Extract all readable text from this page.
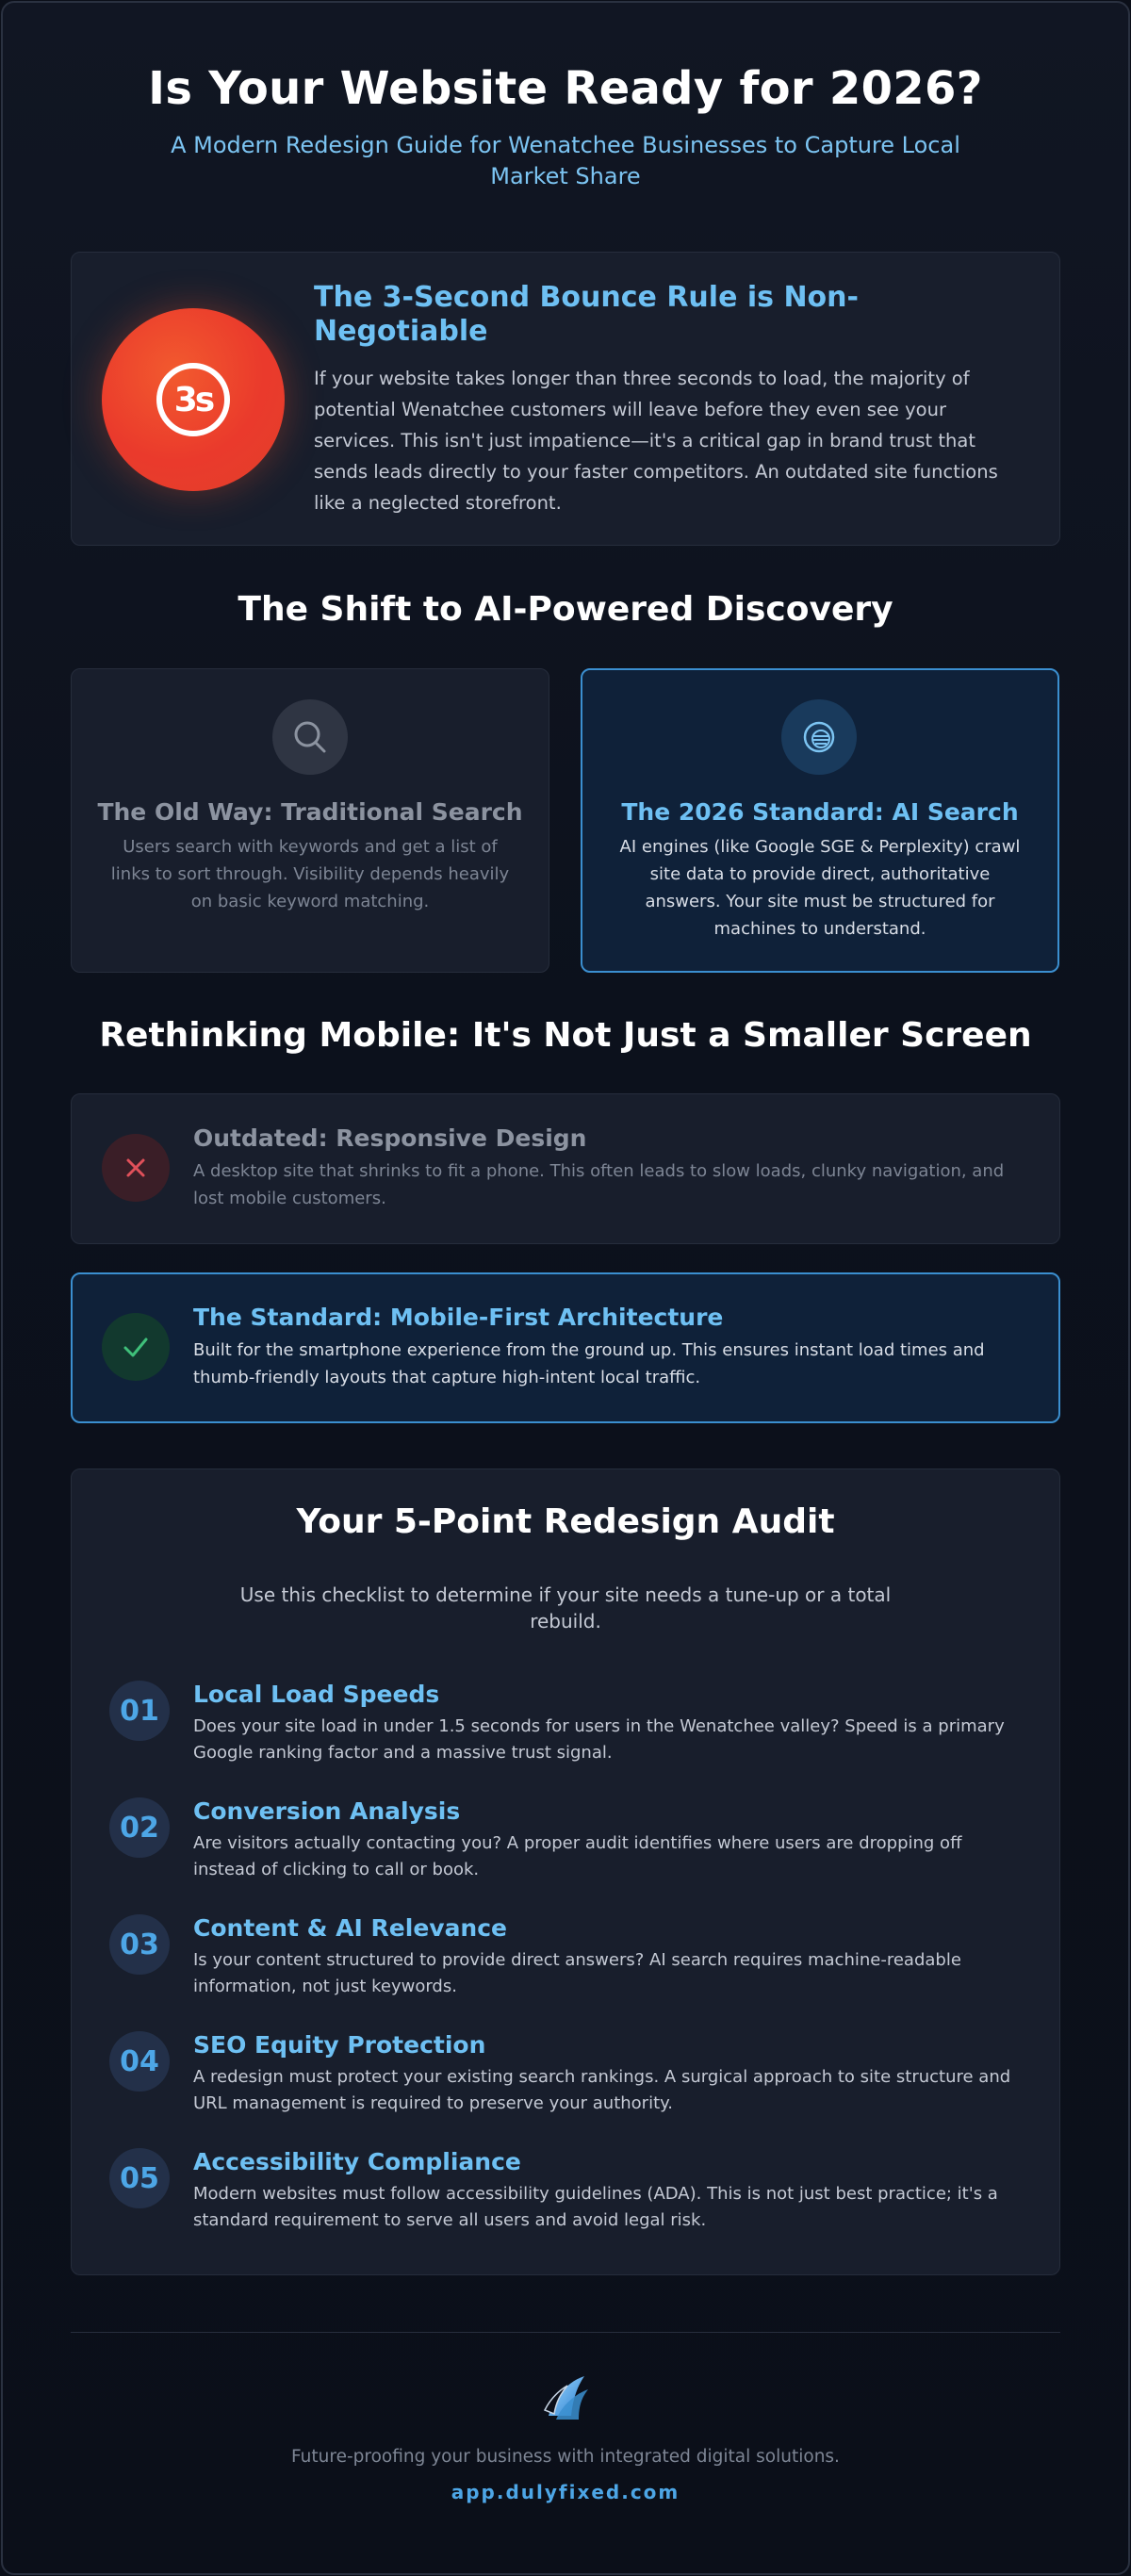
Is Your Website Ready for 2026?
A Modern Redesign Guide for Wenatchee Businesses to Capture Local Market Share
3s
The 3-Second Bounce Rule is Non-Negotiable
If your website takes longer than three seconds to load, the majority of potential Wenatchee customers will leave before they even see your services. This isn't just impatience—it's a critical gap in brand trust that sends leads directly to your faster competitors. An outdated site functions like a neglected storefront.
The Shift to AI-Powered Discovery
The Old Way: Traditional Search
Users search with keywords and get a list of links to sort through. Visibility depends heavily on basic keyword matching.
The 2026 Standard: AI Search
AI engines (like Google SGE & Perplexity) crawl site data to provide direct, authoritative answers. Your site must be structured for machines to understand.
Rethinking Mobile: It's Not Just a Smaller Screen
Outdated: Responsive Design
A desktop site that shrinks to fit a phone. This often leads to slow loads, clunky navigation, and lost mobile customers.
The Standard: Mobile-First Architecture
Built for the smartphone experience from the ground up. This ensures instant load times and thumb-friendly layouts that capture high-intent local traffic.
Your 5-Point Redesign Audit
Use this checklist to determine if your site needs a tune-up or a total rebuild.
01	Local Load Speeds
Does your site load in under 1.5 seconds for users in the Wenatchee valley? Speed is a primary Google ranking factor and a massive trust signal.
02	Conversion Analysis
Are visitors actually contacting you? A proper audit identifies where users are dropping off instead of clicking to call or book.
03	Content & AI Relevance
Is your content structured to provide direct answers? AI search requires machine-readable information, not just keywords.
04	SEO Equity Protection
A redesign must protect your existing search rankings. A surgical approach to site structure and URL management is required to preserve your authority.
05	Accessibility Compliance
Modern websites must follow accessibility guidelines (ADA). This is not just best practice; it's a standard requirement to serve all users and avoid legal risk.
Future-proofing your business with integrated digital solutions.
app.dulyfixed.com
